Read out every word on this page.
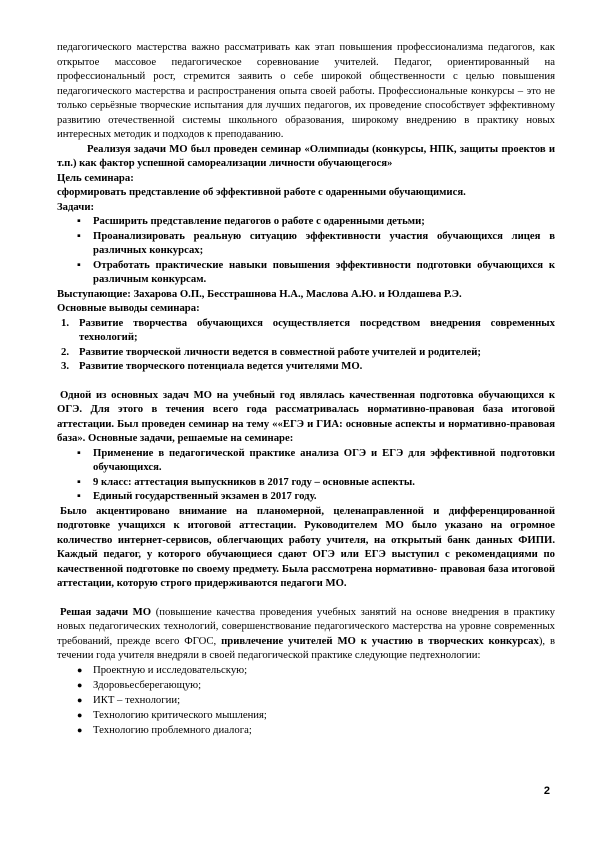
педагогического мастерства важно рассматривать как этап повышения профессионализма педагогов, как открытое массовое педагогическое соревнование учителей. Педагог, ориентированный на профессиональный рост, стремится заявить о себе широкой общественности с целью повышения педагогического мастерства и распространения опыта своей работы. Профессиональные конкурсы – это не только серьёзные творческие испытания для лучших педагогов, их проведение способствует эффективному развитию отечественной системы школьного образования, широкому внедрению в практику новых интересных методик и подходов к преподаванию.

Реализуя задачи МО был проведен семинар «Олимпиады (конкурсы, НПК, защиты проектов и т.п.) как фактор успешной самореализации личности обучающегося»

Цель семинара:

сформировать представление об эффективной работе с одаренными обучающимися.

Задачи:

▪ Расширить представление педагогов о работе с одаренными детьми;
▪ Проанализировать реальную ситуацию эффективности участия обучающихся лицея в различных конкурсах;
▪ Отработать практические навыки повышения эффективности подготовки обучающихся к различным конкурсам.

Выступающие: Захарова О.П., Бесстрашнова Н.А., Маслова А.Ю. и Юлдашева Р.Э.

Основные выводы семинара:

1. Развитие творчества обучающихся осуществляется посредством внедрения современных технологий;
2. Развитие творческой личности ведется в совместной работе учителей и родителей;
3. Развитие творческого потенциала ведется учителями МО.

Одной из основных задач МО на учебный год являлась качественная подготовка обучающихся к ОГЭ. Для этого в течения всего года рассматривалась нормативно-правовая база итоговой аттестации. Был проведен семинар на тему ««ЕГЭ и ГИА: основные аспекты и нормативно-правовая база». Основные задачи, решаемые на семинаре:

▪ Применение в педагогической практике анализа ОГЭ и ЕГЭ для эффективной подготовки обучающихся.
▪ 9 класс: аттестация выпускников в 2017 году – основные аспекты.
▪ Единый государственный экзамен в 2017 году.

Было акцентировано внимание на планомерной, целенаправленной и дифференцированной подготовке учащихся к итоговой аттестации. Руководителем МО было указано на огромное количество интернет-сервисов, облегчающих работу учителя, на открытый банк данных ФИПИ. Каждый педагог, у которого обучающиеся сдают ОГЭ или ЕГЭ выступил с рекомендациями по качественной подготовке по своему предмету. Была рассмотрена нормативно- правовая база итоговой аттестации, которую строго придерживаются педагоги МО.

Решая задачи МО (повышение качества проведения учебных занятий на основе внедрения в практику новых педагогических технологий, совершенствование педагогического мастерства на уровне современных требований, прежде всего ФГОС, привлечение учителей МО к участию в творческих конкурсах), в течении года учителя внедряли в своей педагогической практике следующие педтехнологии:

● Проектную и исследовательскую;
● Здоровьесберегающую;
● ИКТ – технологии;
● Технологию критического мышления;
● Технологию проблемного диалога;
2
